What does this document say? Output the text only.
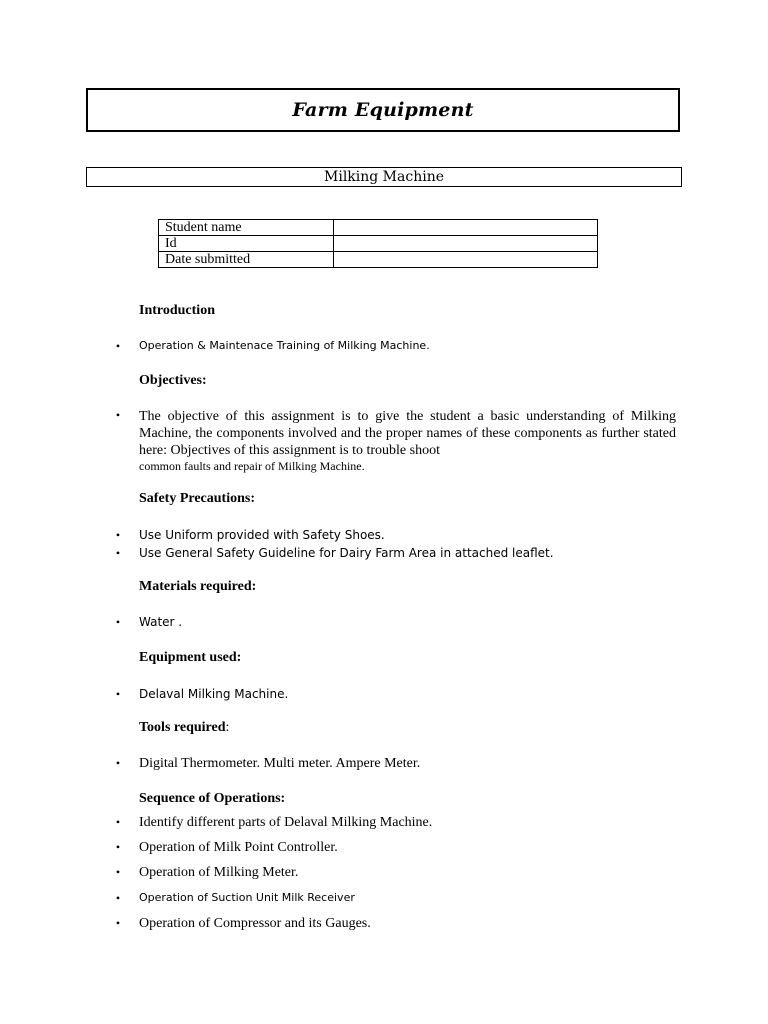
Farm Equipment
Milking Machine
Student name	
Id	
Date submitted	
Introduction
• Operation & Maintenace Training of Milking Machine.
Objectives:
• The objective of this assignment is to give the student a basic understanding of Milking Machine, the components involved and the proper names of these components as further stated here: Objectives of this assignment is to trouble shoot
common faults and repair of Milking Machine.
Safety Precautions:
• Use Uniform provided with Safety Shoes.
• Use General Safety Guideline for Dairy Farm Area in attached leaflet.
Materials required:
• Water .
Equipment used:
• Delaval Milking Machine.
Tools required:
• Digital Thermometer. Multi meter. Ampere Meter.
Sequence of Operations:
• Identify different parts of Delaval Milking Machine.
• Operation of Milk Point Controller.
• Operation of Milking Meter.
• Operation of Suction Unit Milk Receiver
• Operation of Compressor and its Gauges.
